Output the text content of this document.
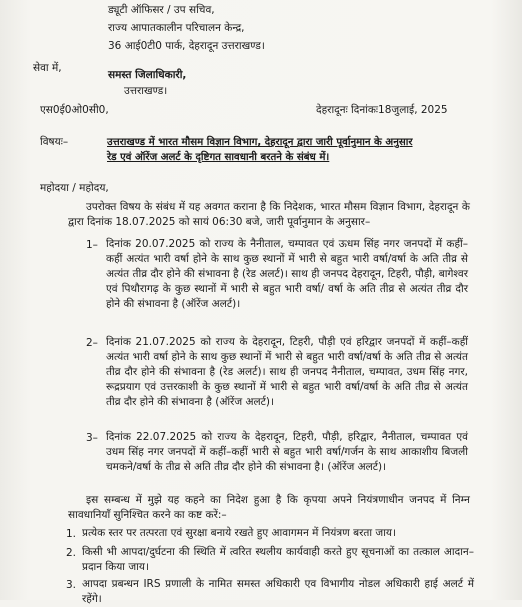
ड्यूटी ऑफिसर / उप सचिव,
राज्य आपातकालीन परिचालन केन्द्र,
36 आई0टी0 पार्क, देहरादून उत्तराखण्ड।
सेवा में,
समस्त जिलाधिकारी,
उत्तराखण्ड।
एस0ई0ओ0सी0,	देहरादूनः दिनांकः18जुलाई, 2025
विषयः–	उत्तराखण्ड में भारत मौसम विज्ञान विभाग, देहरादून द्वारा जारी पूर्वानुमान के अनुसार
रेड एवं ऑरेंज अलर्ट के दृष्टिगत सावधानी बरतने के संबंध में।
महोदया / महोदय,
उपरोक्त विषय के संबंध में यह अवगत कराना है कि निदेशक, भारत मौसम विज्ञान विभाग, देहरादून के द्वारा दिनांक 18.07.2025 को सायं 06:30 बजे, जारी पूर्वानुमान के अनुसार–
1– दिनांक 20.07.2025 को राज्य के नैनीताल, चम्पावत एवं ऊधम सिंह नगर जनपदों में कहीं–कहीं अत्यंत भारी वर्षा होने के साथ कुछ स्थानों में भारी से बहुत भारी वर्षा/वर्षा के अति तीव्र से अत्यंत तीव्र दौर होने की संभावना है (रेड अलर्ट)। साथ ही जनपद देहरादून, टिहरी, पौड़ी, बागेश्वर एवं पिथौरागढ़ के कुछ स्थानों में भारी से बहुत भारी वर्षा/ वर्षा के अति तीव्र से अत्यंत तीव्र दौर होने की संभावना है (ऑरेंज अलर्ट)।
2– दिनांक 21.07.2025 को राज्य के देहरादून, टिहरी, पौड़ी एवं हरिद्वार जनपदों में कहीं–कहीं अत्यंत भारी वर्षा होने के साथ कुछ स्थानों में भारी से बहुत भारी वर्षा/वर्षा के अति तीव्र से अत्यंत तीव्र दौर होने की संभावना है (रेड अलर्ट)। साथ ही जनपद नैनीताल, चम्पावत, उधम सिंह नगर, रूद्रप्रयाग एवं उत्तरकाशी के कुछ स्थानों में भारी से बहुत भारी वर्षा/वर्षा के अति तीव्र से अत्यंत तीव्र दौर होने की संभावना है (ऑरेंज अलर्ट)।
3– दिनांक 22.07.2025 को राज्य के देहरादून, टिहरी, पौड़ी, हरिद्वार, नैनीताल, चम्पावत एवं उधम सिंह नगर जनपदों में कहीं–कहीं भारी से बहुत भारी वर्षा/गर्जन के साथ आकाशीय बिजली चमकने/वर्षा के तीव्र से अति तीव्र दौर होने की संभावना है। (ऑरेंज अलर्ट)।
इस सम्बन्ध में मुझे यह कहने का निदेश हुआ है कि कृपया अपने नियंत्रणाधीन जनपद में निम्न सावधानियाँ सुनिश्चित करने का कष्ट करें:–
1. प्रत्येक स्तर पर तत्परता एवं सुरक्षा बनाये रखते हुए आवागमन में नियंत्रण बरता जाय।
2. किसी भी आपदा/दुर्घटना की स्थिति में त्वरित स्थलीय कार्यवाही करते हुए सूचनाओं का तत्काल आदान–प्रदान किया जाय।
3. आपदा प्रबन्धन IRS प्रणाली के नामित समस्त अधिकारी एव विभागीय नोडल अधिकारी हाई अलर्ट में रहेंगे।
